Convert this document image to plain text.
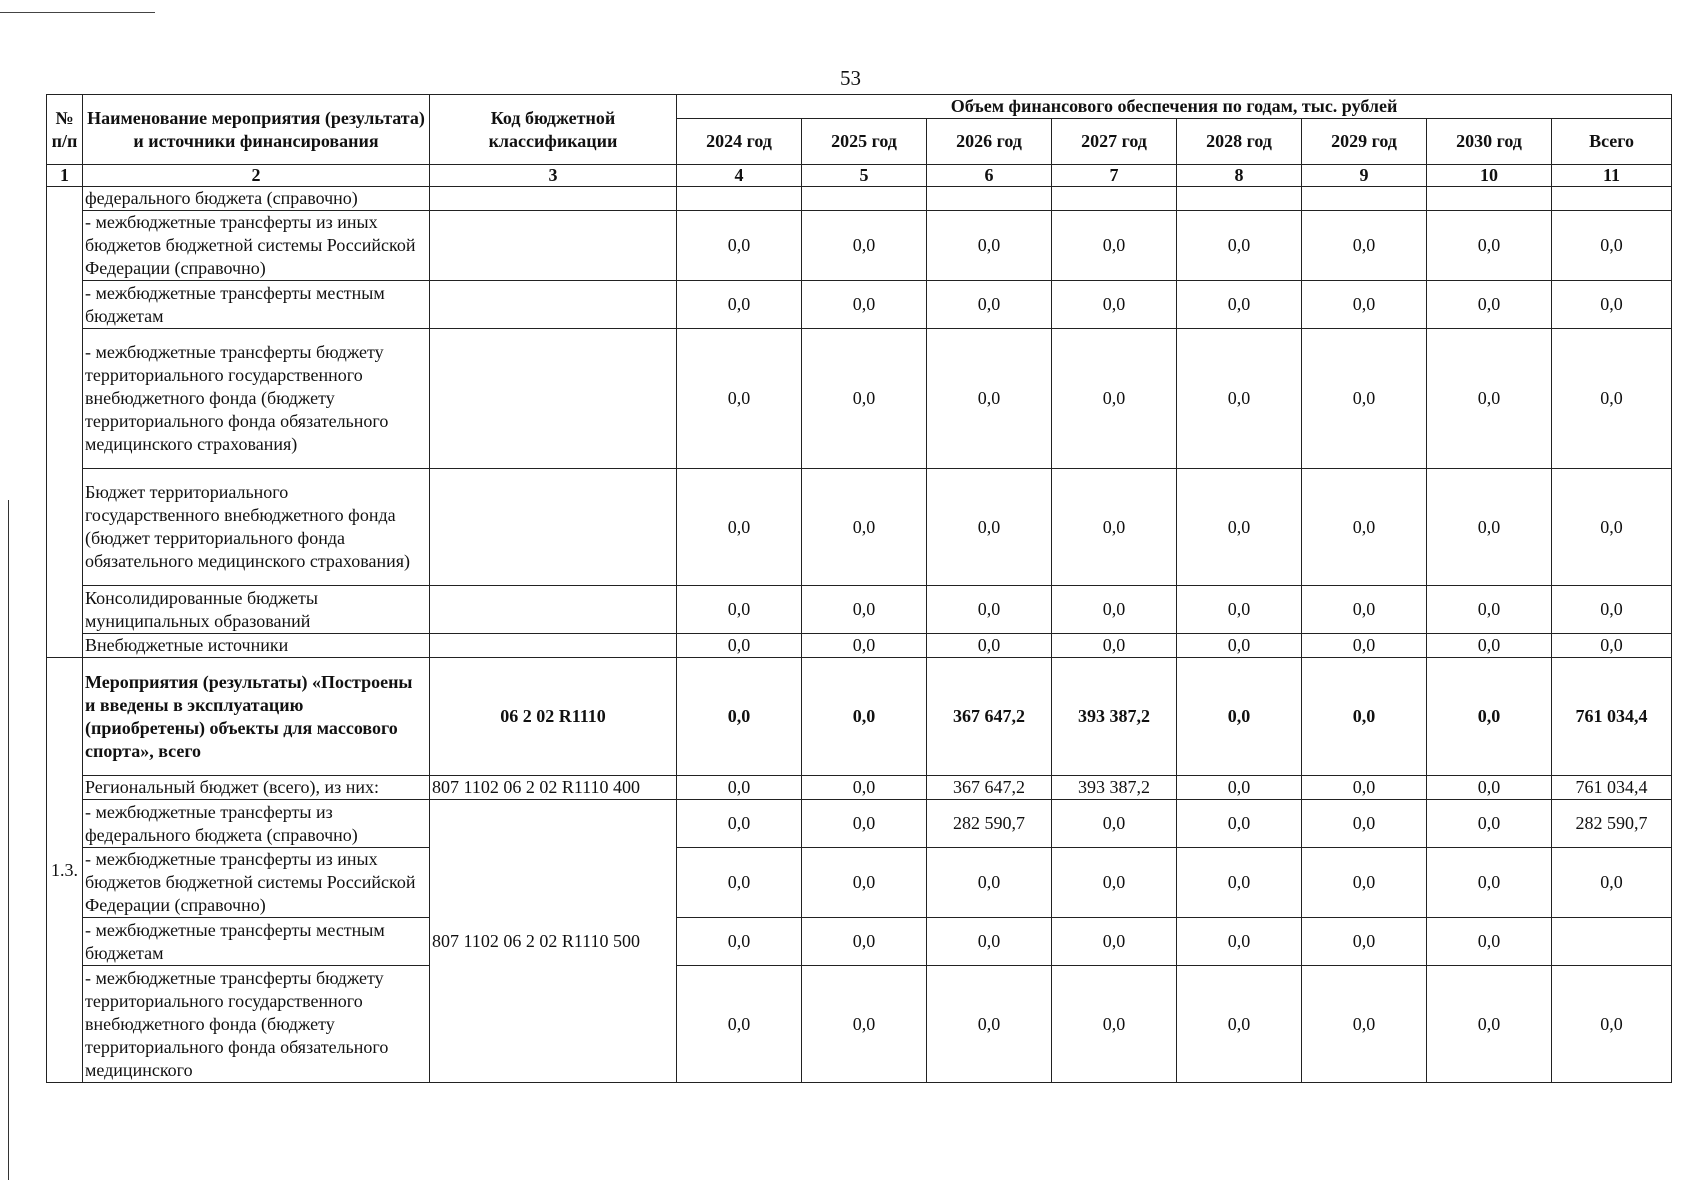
53
№ п/п	Наименование мероприятия (результата) и источники финансирования	Код бюджетной классификации	Объем финансового обеспечения по годам, тыс. рублей							
			2024 год	2025 год	2026 год	2027 год	2028 год	2029 год	2030 год	Всего
1	2	3	4	5	6	7	8	9	10	11
	федерального бюджета (справочно)									
	- межбюджетные трансферты из иных бюджетов бюджетной системы Российской Федерации (справочно)		0,0	0,0	0,0	0,0	0,0	0,0	0,0	0,0
	- межбюджетные трансферты местным бюджетам		0,0	0,0	0,0	0,0	0,0	0,0	0,0	0,0
	- межбюджетные трансферты бюджету территориального государственного внебюджетного фонда (бюджету территориального фонда обязательного медицинского страхования)		0,0	0,0	0,0	0,0	0,0	0,0	0,0	0,0
	Бюджет территориального государственного внебюджетного фонда (бюджет территориального фонда обязательного медицинского страхования)		0,0	0,0	0,0	0,0	0,0	0,0	0,0	0,0
	Консолидированные бюджеты муниципальных образований		0,0	0,0	0,0	0,0	0,0	0,0	0,0	0,0
	Внебюджетные источники		0,0	0,0	0,0	0,0	0,0	0,0	0,0	0,0
1.3.	Мероприятия (результаты) «Построены и введены в эксплуатацию (приобретены) объекты для массового спорта», всего	06 2 02 R1110	0,0	0,0	367 647,2	393 387,2	0,0	0,0	0,0	761 034,4
	Региональный бюджет (всего), из них:	807 1102 06 2 02 R1110 400	0,0	0,0	367 647,2	393 387,2	0,0	0,0	0,0	761 034,4
	- межбюджетные трансферты из федерального бюджета (справочно)	807 1102 06 2 02 R1110 500	0,0	0,0	282 590,7	0,0	0,0	0,0	0,0	282 590,7
	- межбюджетные трансферты из иных бюджетов бюджетной системы Российской Федерации (справочно)		0,0	0,0	0,0	0,0	0,0	0,0	0,0	0,0
	- межбюджетные трансферты местным бюджетам		0,0	0,0	0,0	0,0	0,0	0,0	0,0	
	- межбюджетные трансферты бюджету территориального государственного внебюджетного фонда (бюджету территориального фонда обязательного медицинского		0,0	0,0	0,0	0,0	0,0	0,0	0,0	0,0
